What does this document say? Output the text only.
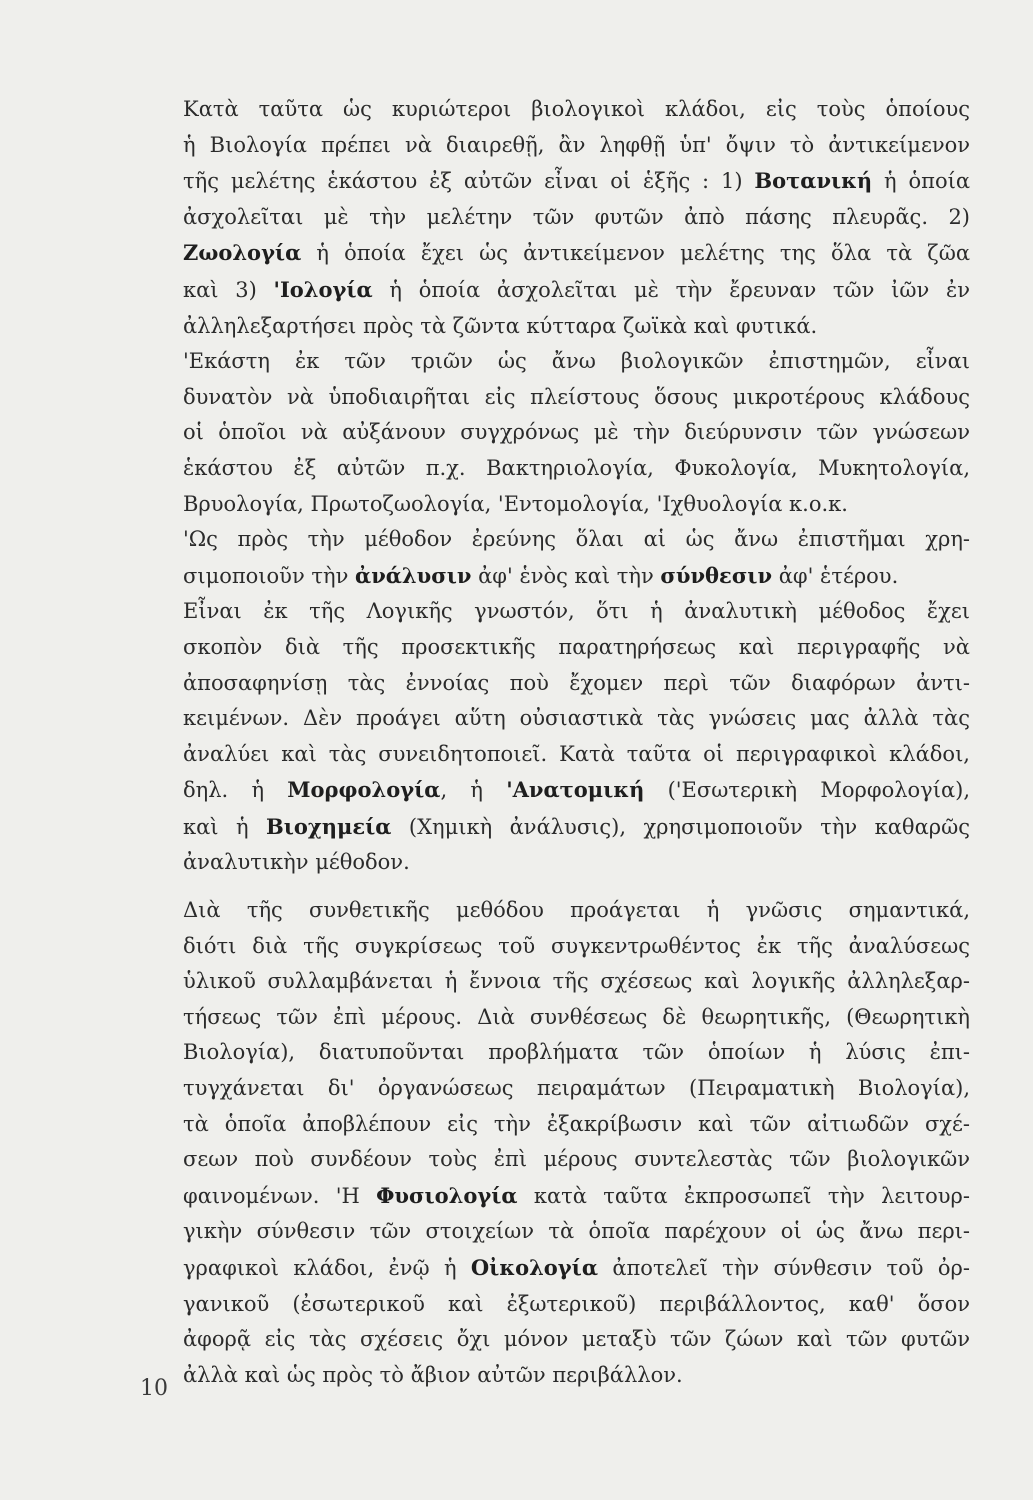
Κατὰ ταῦτα ὡς κυριώτεροι βιολογικοὶ κλάδοι, εἰς τοὺς ὁποίους
ἡ Βιολογία πρέπει νὰ διαιρεθῇ, ἂν ληφθῇ ὑπ' ὄψιν τὸ ἀντικείμενον
τῆς μελέτης ἑκάστου ἐξ αὐτῶν εἶναι οἱ ἑξῆς : 1) Βοτανική ἡ ὁποία
ἀσχολεῖται μὲ τὴν μελέτην τῶν φυτῶν ἀπὸ πάσης πλευρᾶς. 2)
Ζωολογία ἡ ὁποία ἔχει ὡς ἀντικείμενον μελέτης της ὅλα τὰ ζῶα
καὶ 3) 'Ιολογία ἡ ὁποία ἀσχολεῖται μὲ τὴν ἔρευναν τῶν ἰῶν ἐν
ἀλληλεξαρτήσει πρὸς τὰ ζῶντα κύτταρα ζωϊκὰ καὶ φυτικά.

'Εκάστη ἐκ τῶν τριῶν ὡς ἄνω βιολογικῶν ἐπιστημῶν, εἶναι
δυνατὸν νὰ ὑποδιαιρῆται εἰς πλείστους ὅσους μικροτέρους κλάδους
οἱ ὁποῖοι νὰ αὐξάνουν συγχρόνως μὲ τὴν διεύρυνσιν τῶν γνώσεων
ἑκάστου ἐξ αὐτῶν π.χ. Βακτηριολογία, Φυκολογία, Μυκητολογία,
Βρυολογία, Πρωτοζωολογία, 'Εντομολογία, 'Ιχθυολογία κ.ο.κ.

'Ως πρὸς τὴν μέθοδον ἐρεύνης ὅλαι αἱ ὡς ἄνω ἐπιστῆμαι χρη-
σιμοποιοῦν τὴν ἀνάλυσιν ἀφ' ἑνὸς καὶ τὴν σύνθεσιν ἀφ' ἑτέρου.

Εἶναι ἐκ τῆς Λογικῆς γνωστόν, ὅτι ἡ ἀναλυτικὴ μέθοδος ἔχει
σκοπὸν διὰ τῆς προσεκτικῆς παρατηρήσεως καὶ περιγραφῆς νὰ
ἀποσαφηνίσῃ τὰς ἐννοίας ποὺ ἔχομεν περὶ τῶν διαφόρων ἀντι-
κειμένων. Δὲν προάγει αὕτη οὐσιαστικὰ τὰς γνώσεις μας ἀλλὰ τὰς
ἀναλύει καὶ τὰς συνειδητοποιεῖ. Κατὰ ταῦτα οἱ περιγραφικοὶ κλάδοι,
δηλ. ἡ Μορφολογία, ἡ 'Ανατομική ('Εσωτερικὴ Μορφολογία),
καὶ ἡ Βιοχημεία (Χημικὴ ἀνάλυσις), χρησιμοποιοῦν τὴν καθαρῶς
ἀναλυτικὴν μέθοδον.

Διὰ τῆς συνθετικῆς μεθόδου προάγεται ἡ γνῶσις σημαντικά,
διότι διὰ τῆς συγκρίσεως τοῦ συγκεντρωθέντος ἐκ τῆς ἀναλύσεως
ὑλικοῦ συλλαμβάνεται ἡ ἔννοια τῆς σχέσεως καὶ λογικῆς ἀλληλεξαρ-
τήσεως τῶν ἐπὶ μέρους. Διὰ συνθέσεως δὲ θεωρητικῆς, (Θεωρητικὴ
Βιολογία), διατυποῦνται προβλήματα τῶν ὁποίων ἡ λύσις ἐπι-
τυγχάνεται δι' ὀργανώσεως πειραμάτων (Πειραματικὴ Βιολογία),
τὰ ὁποῖα ἀποβλέπουν εἰς τὴν ἐξακρίβωσιν καὶ τῶν αἰτιωδῶν σχέ-
σεων ποὺ συνδέουν τοὺς ἐπὶ μέρους συντελεστὰς τῶν βιολογικῶν
φαινομένων. 'Η Φυσιολογία κατὰ ταῦτα ἐκπροσωπεῖ τὴν λειτουρ-
γικὴν σύνθεσιν τῶν στοιχείων τὰ ὁποῖα παρέχουν οἱ ὡς ἄνω περι-
γραφικοὶ κλάδοι, ἐνῷ ἡ Οἰκολογία ἀποτελεῖ τὴν σύνθεσιν τοῦ ὀρ-
γανικοῦ (ἐσωτερικοῦ καὶ ἐξωτερικοῦ) περιβάλλοντος, καθ' ὅσον
ἀφορᾷ εἰς τὰς σχέσεις ὄχι μόνον μεταξὺ τῶν ζώων καὶ τῶν φυτῶν
ἀλλὰ καὶ ὡς πρὸς τὸ ἄβιον αὐτῶν περιβάλλον.

10
